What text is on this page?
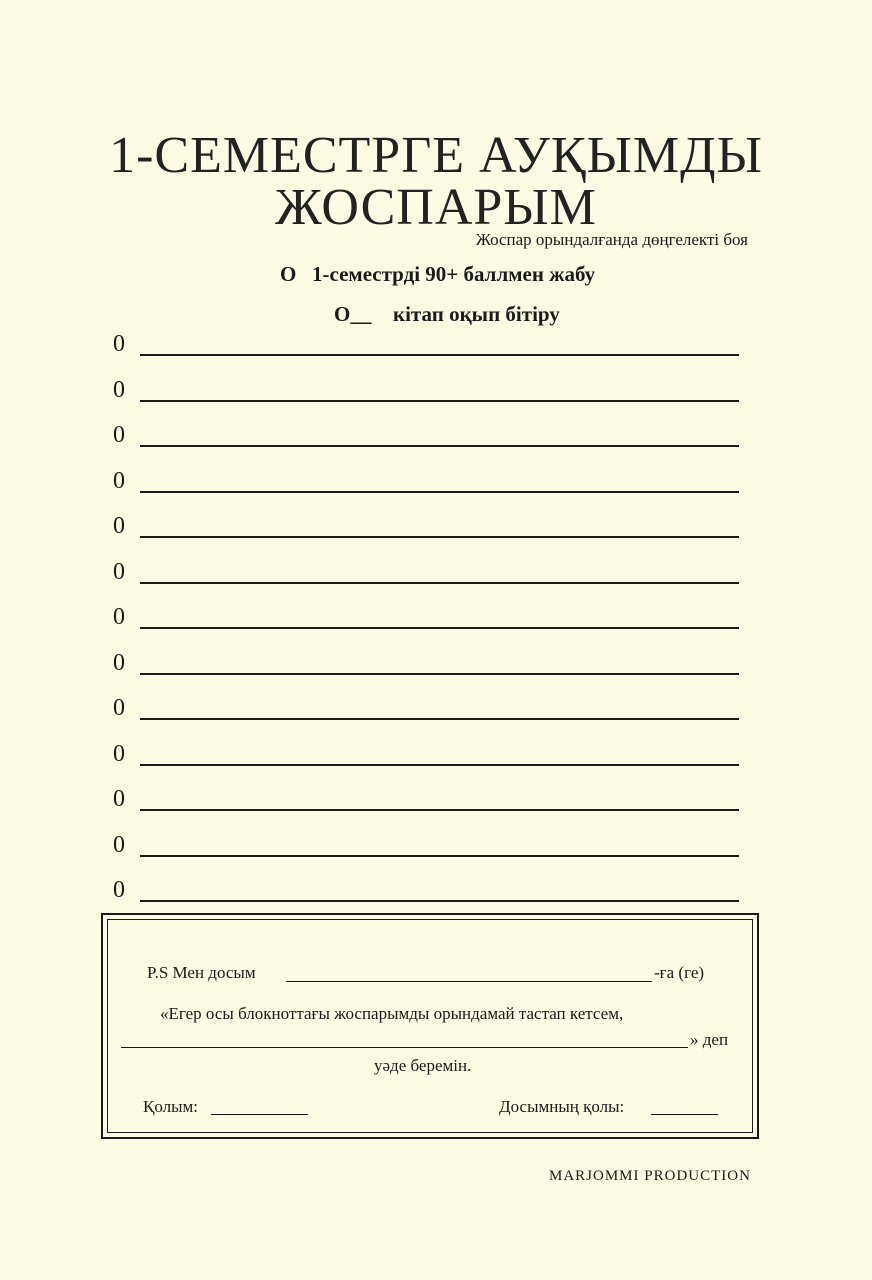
1-СЕМЕСТРГЕ АУҚЫМДЫ
ЖОСПАРЫМ
Жоспар орындалғанда дөңгелекті боя
О 1-семестрді 90+ баллмен жабу
О__ кітап оқып бітіру
0
0
0
0
0
0
0
0
0
0
0
0
0
P.S Мен досым	-ға (ге)
«Егер осы блокноттағы жоспарымды орындамай тастап кетсем,
» деп
уәде беремін.
Қолым:	Досымның қолы:
MARJOMMI PRODUCTION
